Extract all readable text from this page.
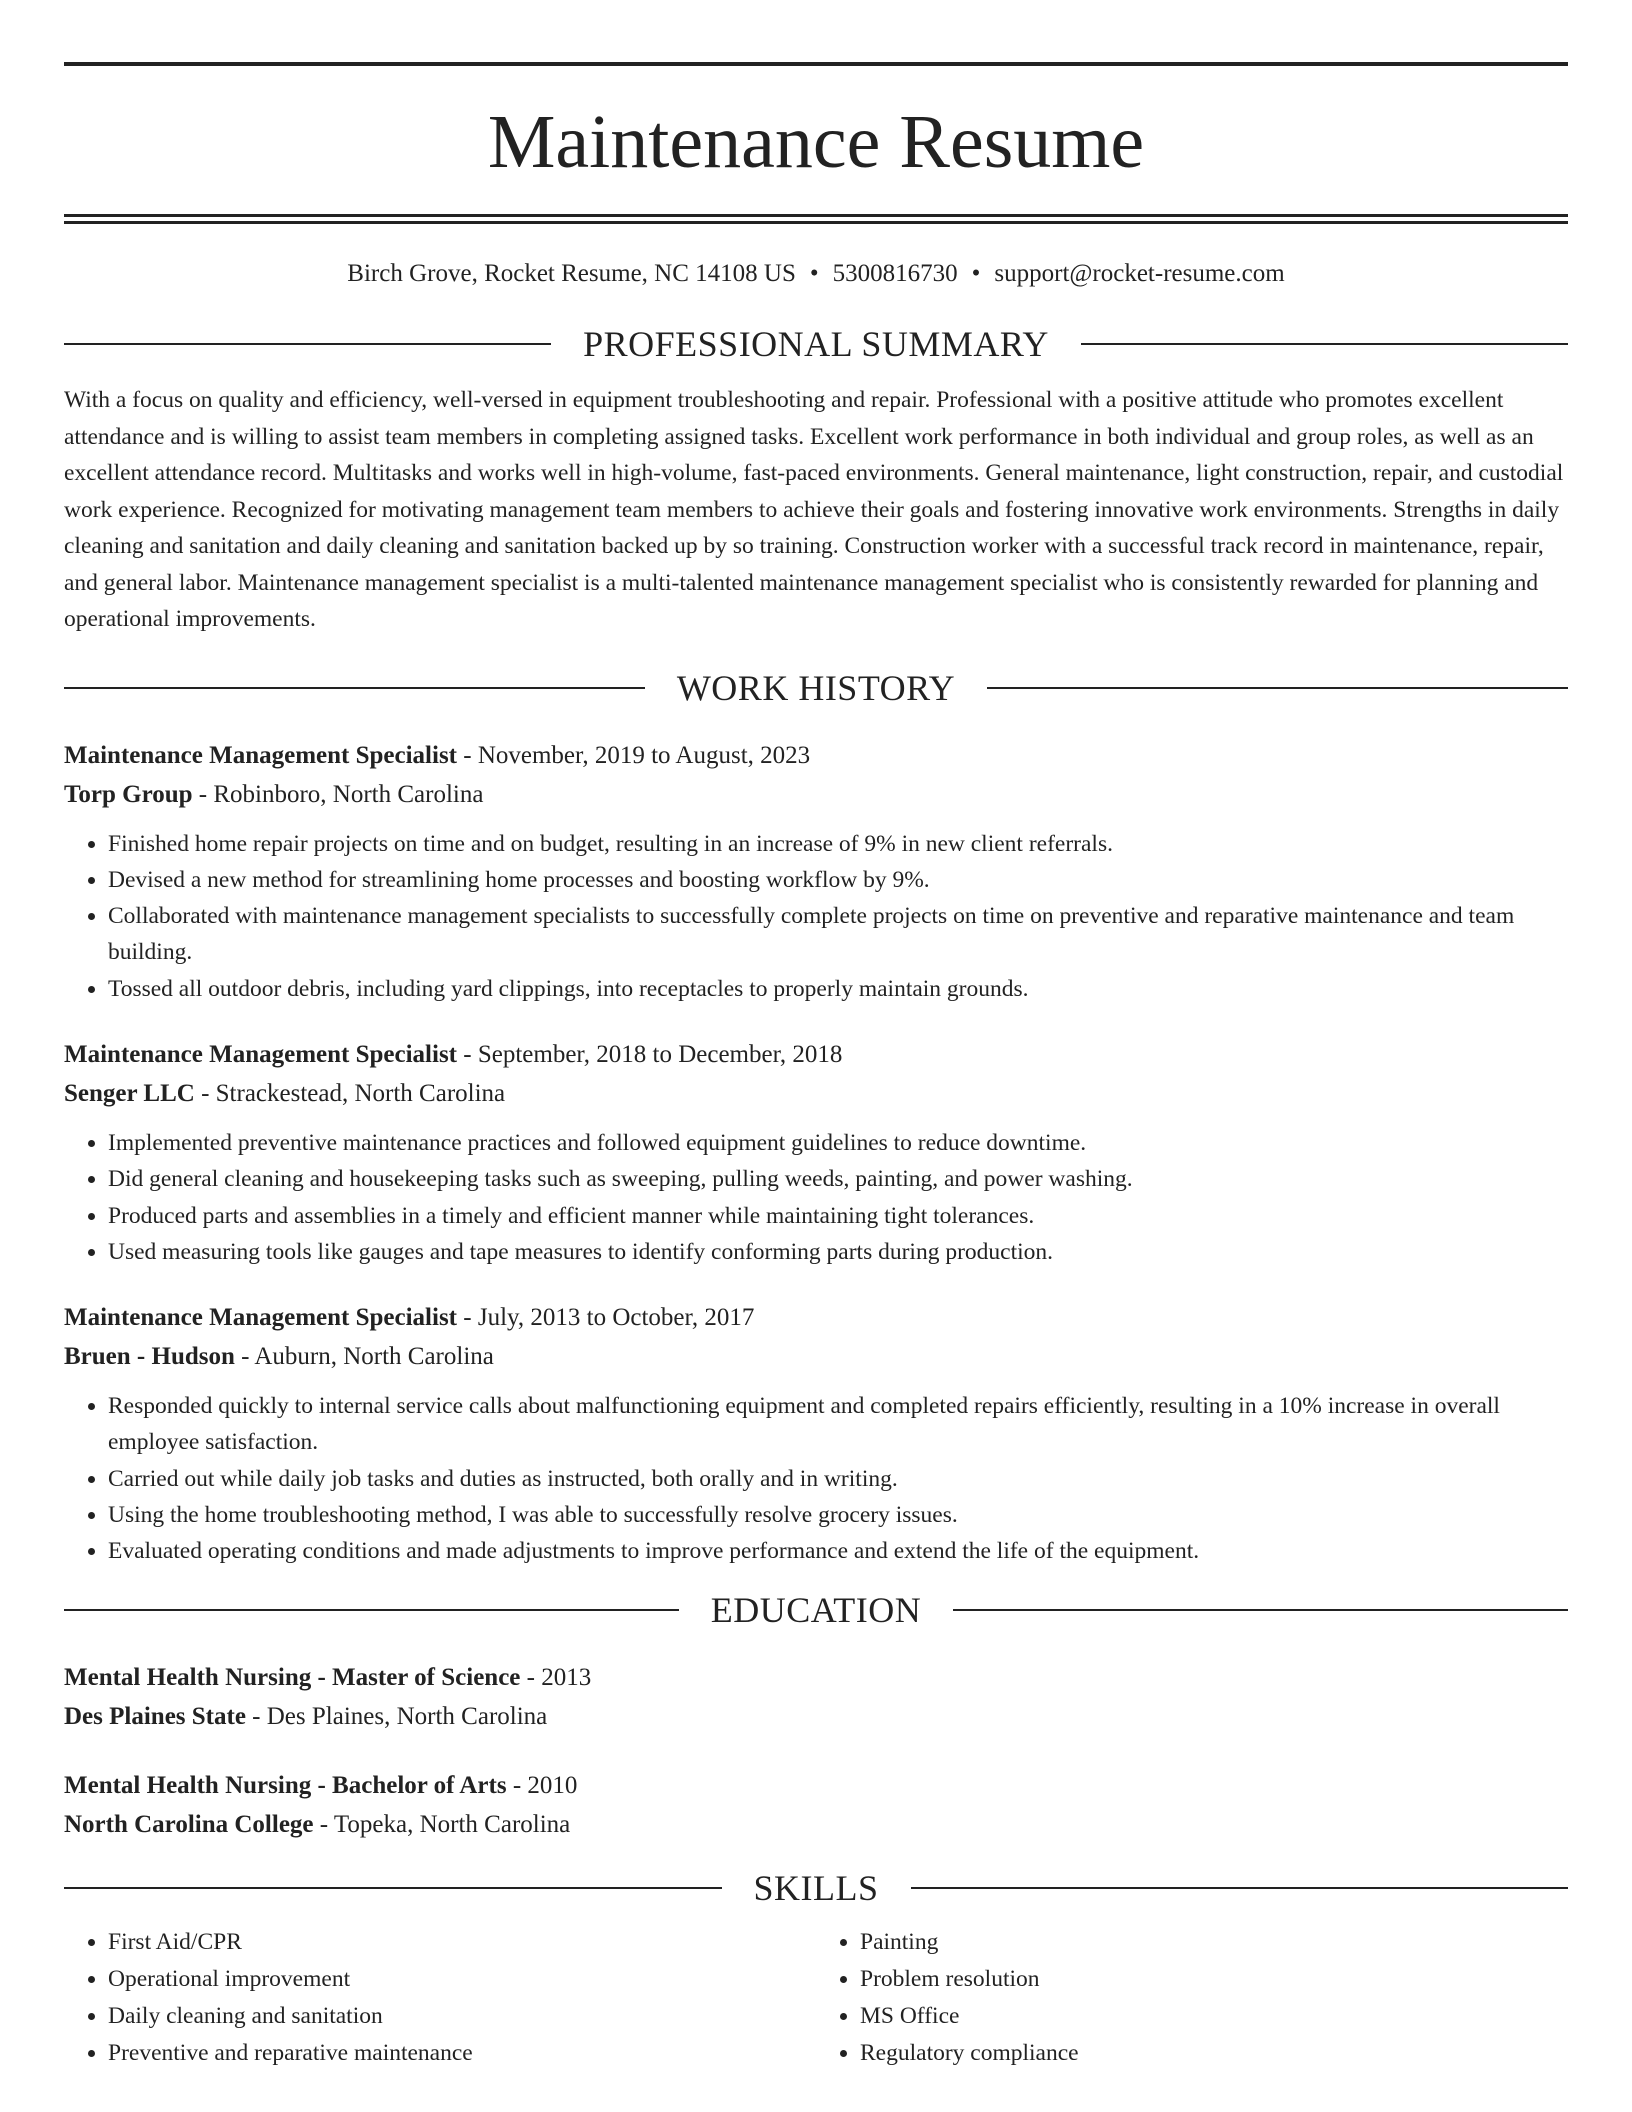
Maintenance Resume
Birch Grove, Rocket Resume, NC 14108 US • 5300816730 • support@rocket-resume.com
PROFESSIONAL SUMMARY

With a focus on quality and efficiency, well-versed in equipment troubleshooting and repair. Professional with a positive attitude who promotes excellent attendance and is willing to assist team members in completing assigned tasks. Excellent work performance in both individual and group roles, as well as an excellent attendance record. Multitasks and works well in high-volume, fast-paced environments. General maintenance, light construction, repair, and custodial work experience. Recognized for motivating management team members to achieve their goals and fostering innovative work environments. Strengths in daily cleaning and sanitation and daily cleaning and sanitation backed up by so training. Construction worker with a successful track record in maintenance, repair, and general labor. Maintenance management specialist is a multi-talented maintenance management specialist who is consistently rewarded for planning and operational improvements.

WORK HISTORY
Maintenance Management Specialist - November, 2019 to August, 2023
Torp Group - Robinboro, North Carolina
• Finished home repair projects on time and on budget, resulting in an increase of 9% in new client referrals.
• Devised a new method for streamlining home processes and boosting workflow by 9%.
• Collaborated with maintenance management specialists to successfully complete projects on time on preventive and reparative maintenance and team building.
• Tossed all outdoor debris, including yard clippings, into receptacles to properly maintain grounds.
Maintenance Management Specialist - September, 2018 to December, 2018
Senger LLC - Strackestead, North Carolina
• Implemented preventive maintenance practices and followed equipment guidelines to reduce downtime.
• Did general cleaning and housekeeping tasks such as sweeping, pulling weeds, painting, and power washing.
• Produced parts and assemblies in a timely and efficient manner while maintaining tight tolerances.
• Used measuring tools like gauges and tape measures to identify conforming parts during production.
Maintenance Management Specialist - July, 2013 to October, 2017
Bruen - Hudson - Auburn, North Carolina
• Responded quickly to internal service calls about malfunctioning equipment and completed repairs efficiently, resulting in a 10% increase in overall employee satisfaction.
• Carried out while daily job tasks and duties as instructed, both orally and in writing.
• Using the home troubleshooting method, I was able to successfully resolve grocery issues.
• Evaluated operating conditions and made adjustments to improve performance and extend the life of the equipment.
EDUCATION
Mental Health Nursing - Master of Science - 2013
Des Plaines State - Des Plaines, North Carolina
Mental Health Nursing - Bachelor of Arts - 2010
North Carolina College - Topeka, North Carolina
SKILLS
• First Aid/CPR
• Operational improvement
• Daily cleaning and sanitation
• Preventive and reparative maintenance
• Painting
• Problem resolution
• MS Office
• Regulatory compliance
